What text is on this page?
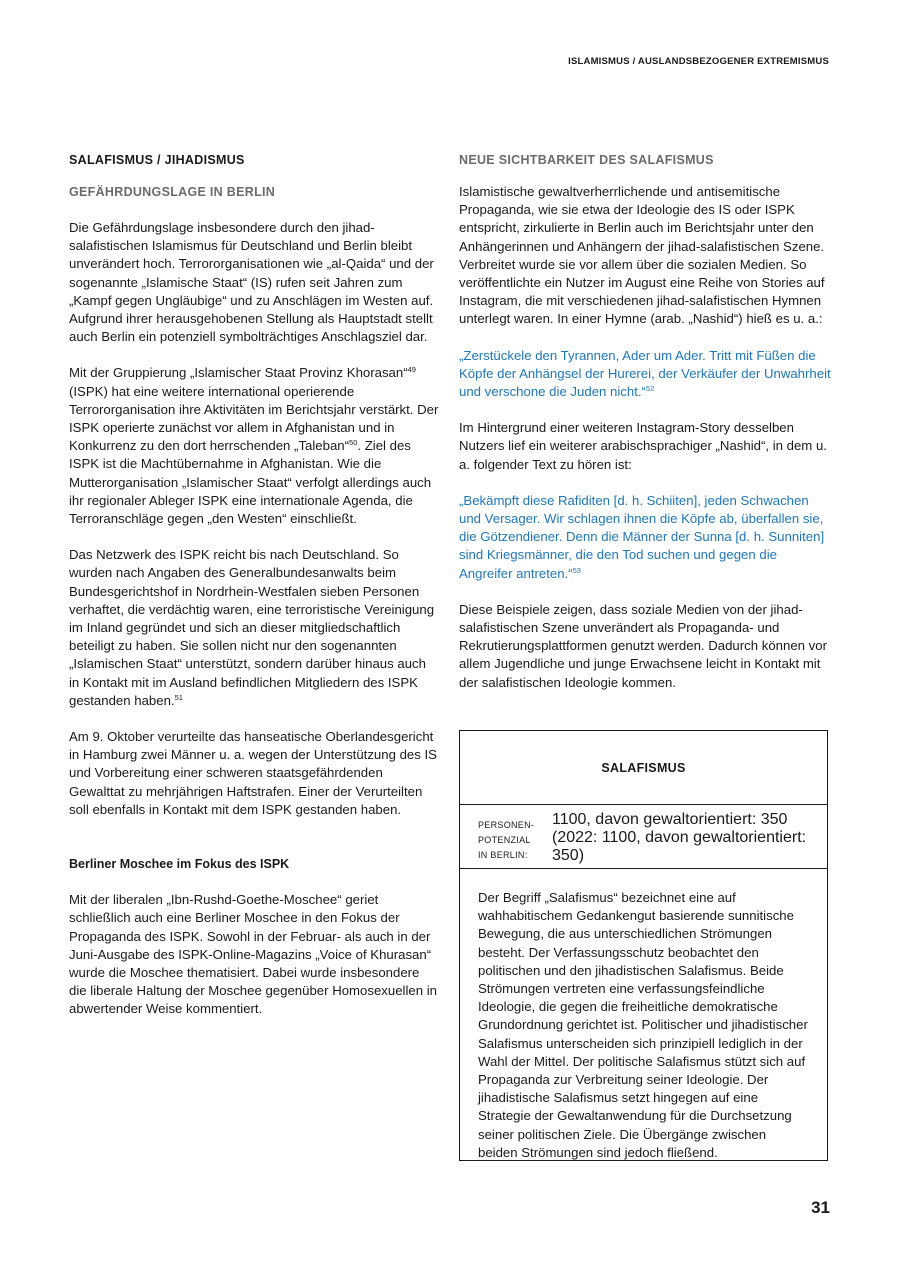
ISLAMISMUS / AUSLANDSBEZOGENER EXTREMISMUS
SALAFISMUS / JIHADISMUS
GEFÄHRDUNGSLAGE IN BERLIN

Die Gefährdungslage insbesondere durch den jihad-salafistischen Islamismus für Deutschland und Berlin bleibt unverändert hoch. Terrororganisationen wie „al-Qaida“ und der sogenannte „Islamische Staat“ (IS) rufen seit Jahren zum „Kampf gegen Ungläubige“ und zu Anschlägen im Westen auf. Aufgrund ihrer herausgehobenen Stellung als Hauptstadt stellt auch Berlin ein potenziell symbolträchtiges Anschlagsziel dar.

Mit der Gruppierung „Islamischer Staat Provinz Khorasan“$^{49}$ (ISPK) hat eine weitere international operierende Terrororganisation ihre Aktivitäten im Berichtsjahr verstärkt. Der ISPK operierte zunächst vor allem in Afghanistan und in Konkurrenz zu den dort herrschenden „Taleban“$^{50}$. Ziel des ISPK ist die Machtübernahme in Afghanistan. Wie die Mutterorganisation „Islamischer Staat“ verfolgt allerdings auch ihr regionaler Ableger ISPK eine internationale Agenda, die Terroranschläge gegen „den Westen“ einschließt.

Das Netzwerk des ISPK reicht bis nach Deutschland. So wurden nach Angaben des Generalbundesanwalts beim Bundesgerichtshof in Nordrhein-Westfalen sieben Personen verhaftet, die verdächtig waren, eine terroristische Vereinigung im Inland gegründet und sich an dieser mitgliedschaftlich beteiligt zu haben. Sie sollen nicht nur den sogenannten „Islamischen Staat“ unterstützt, sondern darüber hinaus auch in Kontakt mit im Ausland befindlichen Mitgliedern des ISPK gestanden haben.$^{51}$

Am 9. Oktober verurteilte das hanseatische Oberlandesgericht in Hamburg zwei Männer u. a. wegen der Unterstützung des IS und Vorbereitung einer schweren staatsgefährdenden Gewalttat zu mehrjährigen Haftstrafen. Einer der Verurteilten soll ebenfalls in Kontakt mit dem ISPK gestanden haben.

Berliner Moschee im Fokus des ISPK

Mit der liberalen „Ibn-Rushd-Goethe-Moschee“ geriet schließlich auch eine Berliner Moschee in den Fokus der Propaganda des ISPK. Sowohl in der Februar- als auch in der Juni-Ausgabe des ISPK-Online-Magazins „Voice of Khurasan“ wurde die Moschee thematisiert. Dabei wurde insbesondere die liberale Haltung der Moschee gegenüber Homosexuellen in abwertender Weise kommentiert.

NEUE SICHTBARKEIT DES SALAFISMUS

Islamistische gewaltverherrlichende und antisemitische Propaganda, wie sie etwa der Ideologie des IS oder ISPK entspricht, zirkulierte in Berlin auch im Berichtsjahr unter den Anhängerinnen und Anhängern der jihad-salafistischen Szene. Verbreitet wurde sie vor allem über die sozialen Medien. So veröffentlichte ein Nutzer im August eine Reihe von Stories auf Instagram, die mit verschiedenen jihad-salafistischen Hymnen unterlegt waren. In einer Hymne (arab. „Nashid“) hieß es u. a.:

„Zerstückele den Tyrannen, Ader um Ader. Tritt mit Füßen die Köpfe der Anhängsel der Hurerei, der Verkäufer der Unwahrheit und verschone die Juden nicht.“$^{52}$

Im Hintergrund einer weiteren Instagram-Story desselben Nutzers lief ein weiterer arabischsprachiger „Nashid“, in dem u. a. folgender Text zu hören ist:

„Bekämpft diese Rafiditen [d. h. Schiiten], jeden Schwachen und Versager. Wir schlagen ihnen die Köpfe ab, überfallen sie, die Götzendiener. Denn die Männer der Sunna [d. h. Sunniten] sind Kriegsmänner, die den Tod suchen und gegen die Angreifer antreten.“$^{53}$

Diese Beispiele zeigen, dass soziale Medien von der jihad-salafistischen Szene unverändert als Propaganda- und Rekrutierungsplattformen genutzt werden. Dadurch können vor allem Jugendliche und junge Erwachsene leicht in Kontakt mit der salafistischen Ideologie kommen.

SALAFISMUS
PERSONEN-
POTENZIAL
IN BERLIN:
1100, davon gewaltorientiert: 350 (2022: 1100, davon gewaltorientiert: 350)

Der Begriff „Salafismus“ bezeichnet eine auf wahhabitischem Gedankengut basierende sunnitische Bewegung, die aus unterschiedlichen Strömungen besteht. Der Verfassungsschutz beobachtet den politischen und den jihadistischen Salafismus. Beide Strömungen vertreten eine verfassungsfeindliche Ideologie, die gegen die freiheitliche demokratische Grundordnung gerichtet ist. Politischer und jihadistischer Salafismus unterscheiden sich prinzipiell lediglich in der Wahl der Mittel. Der politische Salafismus stützt sich auf Propaganda zur Verbreitung seiner Ideologie. Der jihadistische Salafismus setzt hingegen auf eine Strategie der Gewaltanwendung für die Durchsetzung seiner politischen Ziele. Die Übergänge zwischen beiden Strömungen sind jedoch fließend.

31
